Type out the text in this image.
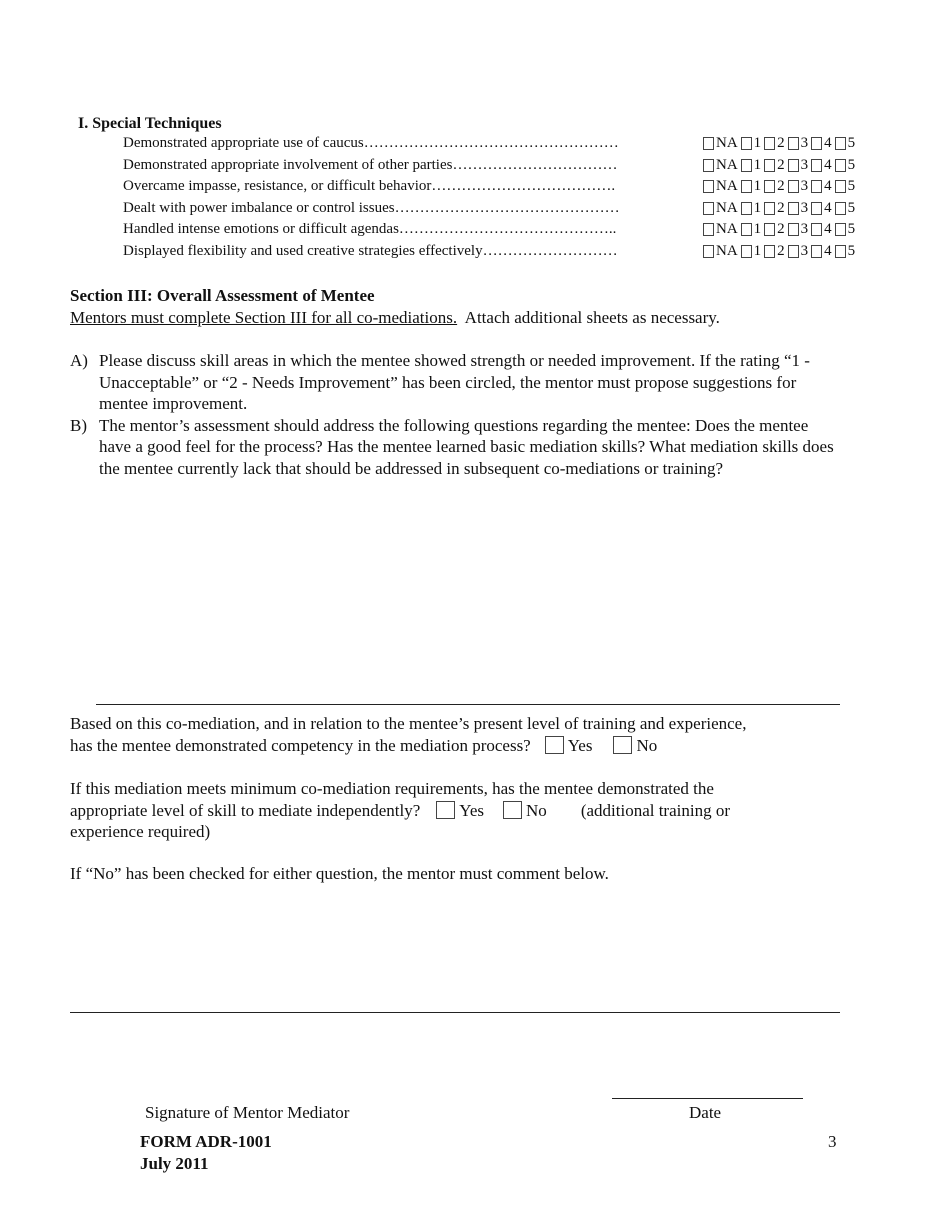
I. Special Techniques
Demonstrated appropriate use of caucus……………………………………………	NA 1 2 3 4 5
Demonstrated appropriate involvement of other parties……………………………	NA 1 2 3 4 5
Overcame impasse, resistance, or difficult behavior……………………………….	NA 1 2 3 4 5
Dealt with power imbalance or control issues………………………………………	NA 1 2 3 4 5
Handled intense emotions or difficult agendas……………………………………..	NA 1 2 3 4 5
Displayed flexibility and used creative strategies effectively………………………	NA 1 2 3 4 5
Section III: Overall Assessment of Mentee
Mentors must complete Section III for all co-mediations.  Attach additional sheets as necessary.
A) Please discuss skill areas in which the mentee showed strength or needed improvement. If the rating “1 - Unacceptable” or “2 - Needs Improvement” has been circled, the mentor must propose suggestions for mentee improvement.
B) The mentor’s assessment should address the following questions regarding the mentee: Does the mentee have a good feel for the process? Has the mentee learned basic mediation skills? What mediation skills does the mentee currently lack that should be addressed in subsequent co-mediations or training?
Based on this co-mediation, and in relation to the mentee’s present level of training and experience,
has the mentee demonstrated competency in the mediation process? Yes	No
If this mediation meets minimum co-mediation requirements, has the mentee demonstrated the
appropriate level of skill to mediate independently? Yes No (additional training or
experience required)
If “No” has been checked for either question, the mentor must comment below.
Signature of Mentor Mediator	Date
FORM ADR-1001
July 2011
3
